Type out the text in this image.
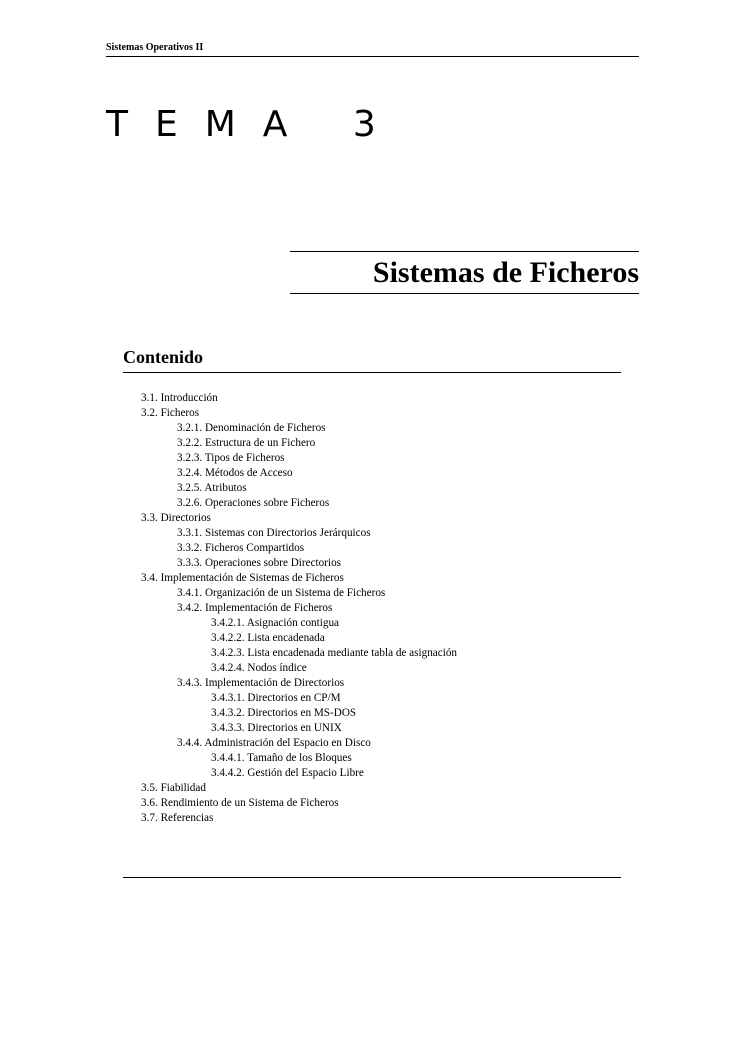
Sistemas Operativos II
TEMA 3
Sistemas de Ficheros
Contenido
3.1. Introducción
3.2. Ficheros
3.2.1. Denominación de Ficheros
3.2.2. Estructura de un Fichero
3.2.3. Tipos de Ficheros
3.2.4. Métodos de Acceso
3.2.5. Atributos
3.2.6. Operaciones sobre Ficheros
3.3. Directorios
3.3.1. Sistemas con Directorios Jerárquicos
3.3.2. Ficheros Compartidos
3.3.3. Operaciones sobre Directorios
3.4. Implementación de Sistemas de Ficheros
3.4.1. Organización de un Sistema de Ficheros
3.4.2. Implementación de Ficheros
3.4.2.1. Asignación contigua
3.4.2.2. Lista encadenada
3.4.2.3. Lista encadenada mediante tabla de asignación
3.4.2.4. Nodos índice
3.4.3. Implementación de Directorios
3.4.3.1. Directorios en CP/M
3.4.3.2. Directorios en MS-DOS
3.4.3.3. Directorios en UNIX
3.4.4. Administración del Espacio en Disco
3.4.4.1. Tamaño de los Bloques
3.4.4.2. Gestión del Espacio Libre
3.5. Fiabilidad
3.6. Rendimiento de un Sistema de Ficheros
3.7. Referencias
